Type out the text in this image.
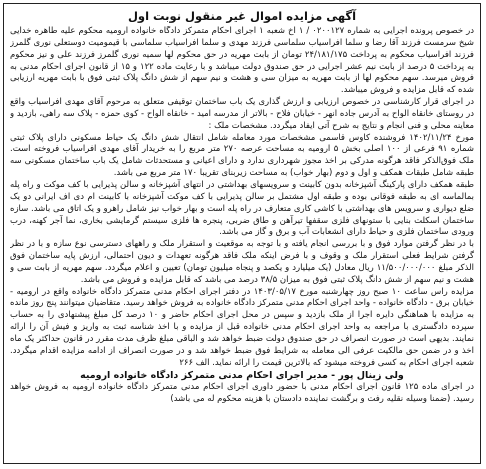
آگهی مزایده اموال غیر منقول نوبت اول

در خصوص پرونده اجرایی به شماره ۰۲۰۰۱۲۷ / ۱ اخ شعبه ۱ اجرای احکام متمرکز دادگاه خانواده ارومیه محکوم علیه طاهره خدایی شیخ سرمست فرزند آقا رضا و سلما افراسیاب سلماسی فرزند مهدی و سلما افراسیاب سلماسی با قیمومیت دوستعلی نوری گلمرز فرزند افراسیاب محکوم به پرداخت ۲۴/۱۸۱/۱۷۵ تومان از بابت مهریه در حق محکوم لها سمیه نوری گلمرز فرزند علی و نیز محکوم به پرداخت ۵ درصد از بابت نیم عشر اجرایی در حق صندوق دولت میباشد و با رعایت ماده ۱۲۲ و ۱۵ از قانون اجرای احکام مدنی به فروش میرسد. سهم محکوم لها از بابت مهریه به میزان سی و هشت و نیم سهم از شش دانگ پلاک ثبتی فوق با بابت مهریه ارزیابی شده که قابل مزایده و فروش میباشد.

در اجرای قرار کارشناسی در خصوص ارزیابی و ارزش گذاری یک باب ساختمان توقیفی متعلق به مرحوم آقای مهدی افراسیاب واقع در روستای خانقاه الواح به آدرس جاده انهر - خیابان فلاح - بالاتر از مدرسه امید - خانقاه الواح - کوی حمزه - پلاک سه راهی، بازدید و معاینه محلی و فنی انجام و نتایج به شرح آتی ایفاد میگردد. مشخصات ملک :

مورخ ۱۴۰۲/۱۱/۲۴ فروشنده کاوس قاسمی مشخصات مورد معامله شامل انتقال شش دانگ یک حیاط مسکونی دارای پلاک ثبتی شماره ۹۱ فرعی از ۱۰۰ اصلی بخش ۵ ارومیه به مساحت عرصه ۲۷۰ متر مربع را به خریدار آقای مهدی افراسیاب فروخته است. ملک فوق‌الذکر فاقد هرگونه مدرکی بر اخذ مجوز شهرداری ندارد و دارای اعیانی و مستحدثات شامل یک باب ساختمان مسکونی سه طبقه شامل طبقات همکف و اول و دوم (بهار خواب) به مساحت زیربنای تقریبا ۱۷۰ متر مربع می باشد.

طبقه همکف دارای پارکینگ آشپزخانه بدون کابینت و سرویسهای بهداشتی در انتهای آشپزخانه و سالن پذیرایی با کف موکت و راه پله بمالماسه ای به طبقه فوقانی بوده و طبقه اول مشتمل بر سالن پذیرایی با کف موکت آشپزخانه با کابینت ام دی اف ایرانی دو یک ضلع دیواری و سرویس های بهداشتی با کاشی کاری متعارف در راه پله است و بهار خواب نیز شامل راهرو و یک اتاق می باشد. سازه ساختمان اسکلت بنایی با ستونهای فلزی سقفها تیرآهن و طاق ضربی، پنجره ها فلزی سیستم گرمایشی بخاری، نما آجر کهنه، درب ورودی ساختمان فلزی و حیاط دارای انشعابات آب و برق و گاز می باشد.

با در نظر گرفتن موارد فوق و با بررسی انجام یافته و با توجه به موقعیت و استقرار ملک و راههای دسترسی نوع سازه و با در نظر گرفتن شرایط فعلی استقرار ملک و وقوف و با فرض اینکه ملک فاقد هرگونه تعهدات و دیون احتمالی، ارزش پایه ساختمان فوق الذکر مبلغ ۱۱/۵۰۰/۰۰۰/۰۰۰ ریال معادل (یک میلیارد و یکصد و پنجاه میلیون تومان) تعیین و اعلام میگردد. سهم مهریه از بابت سی و هشت و نیم سهم از شش دانگ پلاک ثبتی فوق به میزان ۳۸/۵ درصد می باشد که قابل مزایده و فروش می باشد.

مزایده راس ساعت ۱۰ صبح روز چهارشنبه مورخ ۱۴۰۳/۰۵/۱۷ در دفتر اجرای احکام مدنی متمرکز دادگاه خانواده واقع در ارومیه - خیابان برق - دادگاه خانواده - واحد اجرای احکام مدنی متمرکز دادگاه خانواده به فروش خواهد رسید. متقاضیان میتوانند پنج روز مانده به مزایده با هماهنگی دایره اجرا از ملک بازدید و سپس در محل اجرای احکام حاضر و ۱۰ درصد کل مبلغ پیشنهادی را به حساب سپرده دادگستری با مراجعه به واحد اجرای احکام مدنی خانواده قبل از مزایده و با اخذ شناسه ثبت به واریز و فیش آن را ارائه نمایند. بدیهی است در صورت انصراف در حق صندوق دولت ضبط خواهد شد و الباقی مبلغ ظرف مدت مقرر در قانون حداکثر یک ماه اخذ و در ضمن حق مالکیت عرفی الی معامله به شرایط فوق ضبط خواهد شد و در صورت انصراف از ادامه مزایده اقدام میگردد. شعبه اجرای احکام به کسی فروخته میشود که بالاترین قیمت را ارائه نماید. الف ۲۶۶

ولی زینال پور - مدیر اجرای احکام مدنی متمرکز دادگاه خانواده ارومیه

در اجرای ماده ۱۲۵ قانون اجرای احکام مدنی با حضور داوری اجرای احکام مدنی متمرکز دادگاه خانواده ارومیه به فروش خواهد رسید. (ضمنا وسیله نقلیه رفت و برگشت نماینده دادستان با هزینه محکوم له می باشد)
